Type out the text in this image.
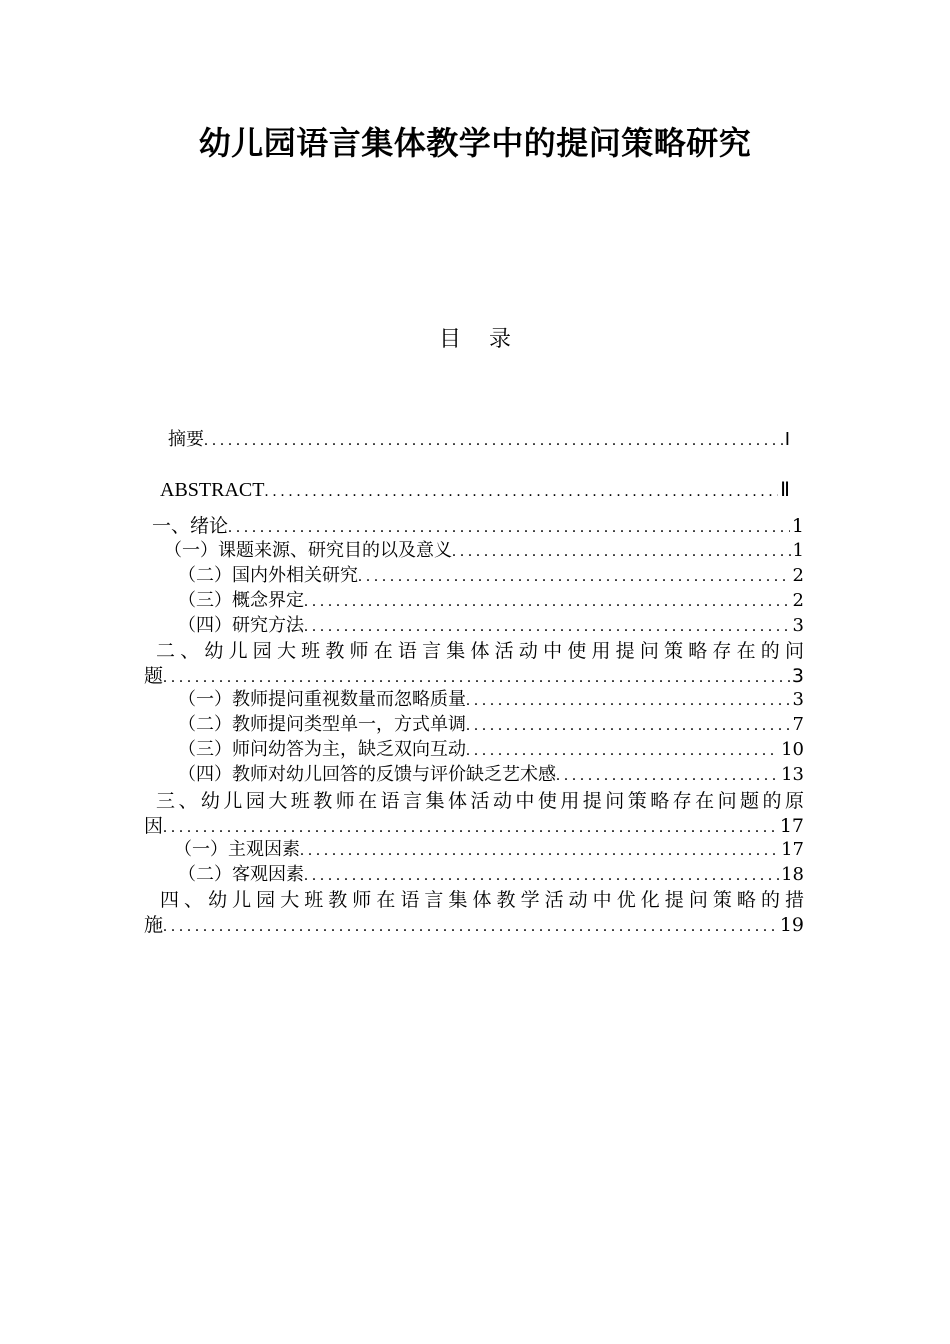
幼儿园语言集体教学中的提问策略研究
目 录
摘要 . . .	Ⅰ
ABSTRACT . . .	Ⅱ
一、绪论 . . .	1
（一）课题来源、研究目的以及意义 . . .	1
（二）国内外相关研究 . . .	2
（三）概念界定 . . .	2
（四）研究方法 . . .	3
二、幼儿园大班教师在语言集体活动中使用提问策略存在的问
题 . . .	3
（一）教师提问重视数量而忽略质量 . . .	3
（二）教师提问类型单一，方式单调 . . .	7
（三）师问幼答为主，缺乏双向互动 . . .	10
（四）教师对幼儿回答的反馈与评价缺乏艺术感 . . .	13
三、幼儿园大班教师在语言集体活动中使用提问策略存在问题的原
因 . . .	17
（一）主观因素 . . .	17
（二）客观因素 . . .	18
四、幼儿园大班教师在语言集体教学活动中优化提问策略的措
施 . . .	19
